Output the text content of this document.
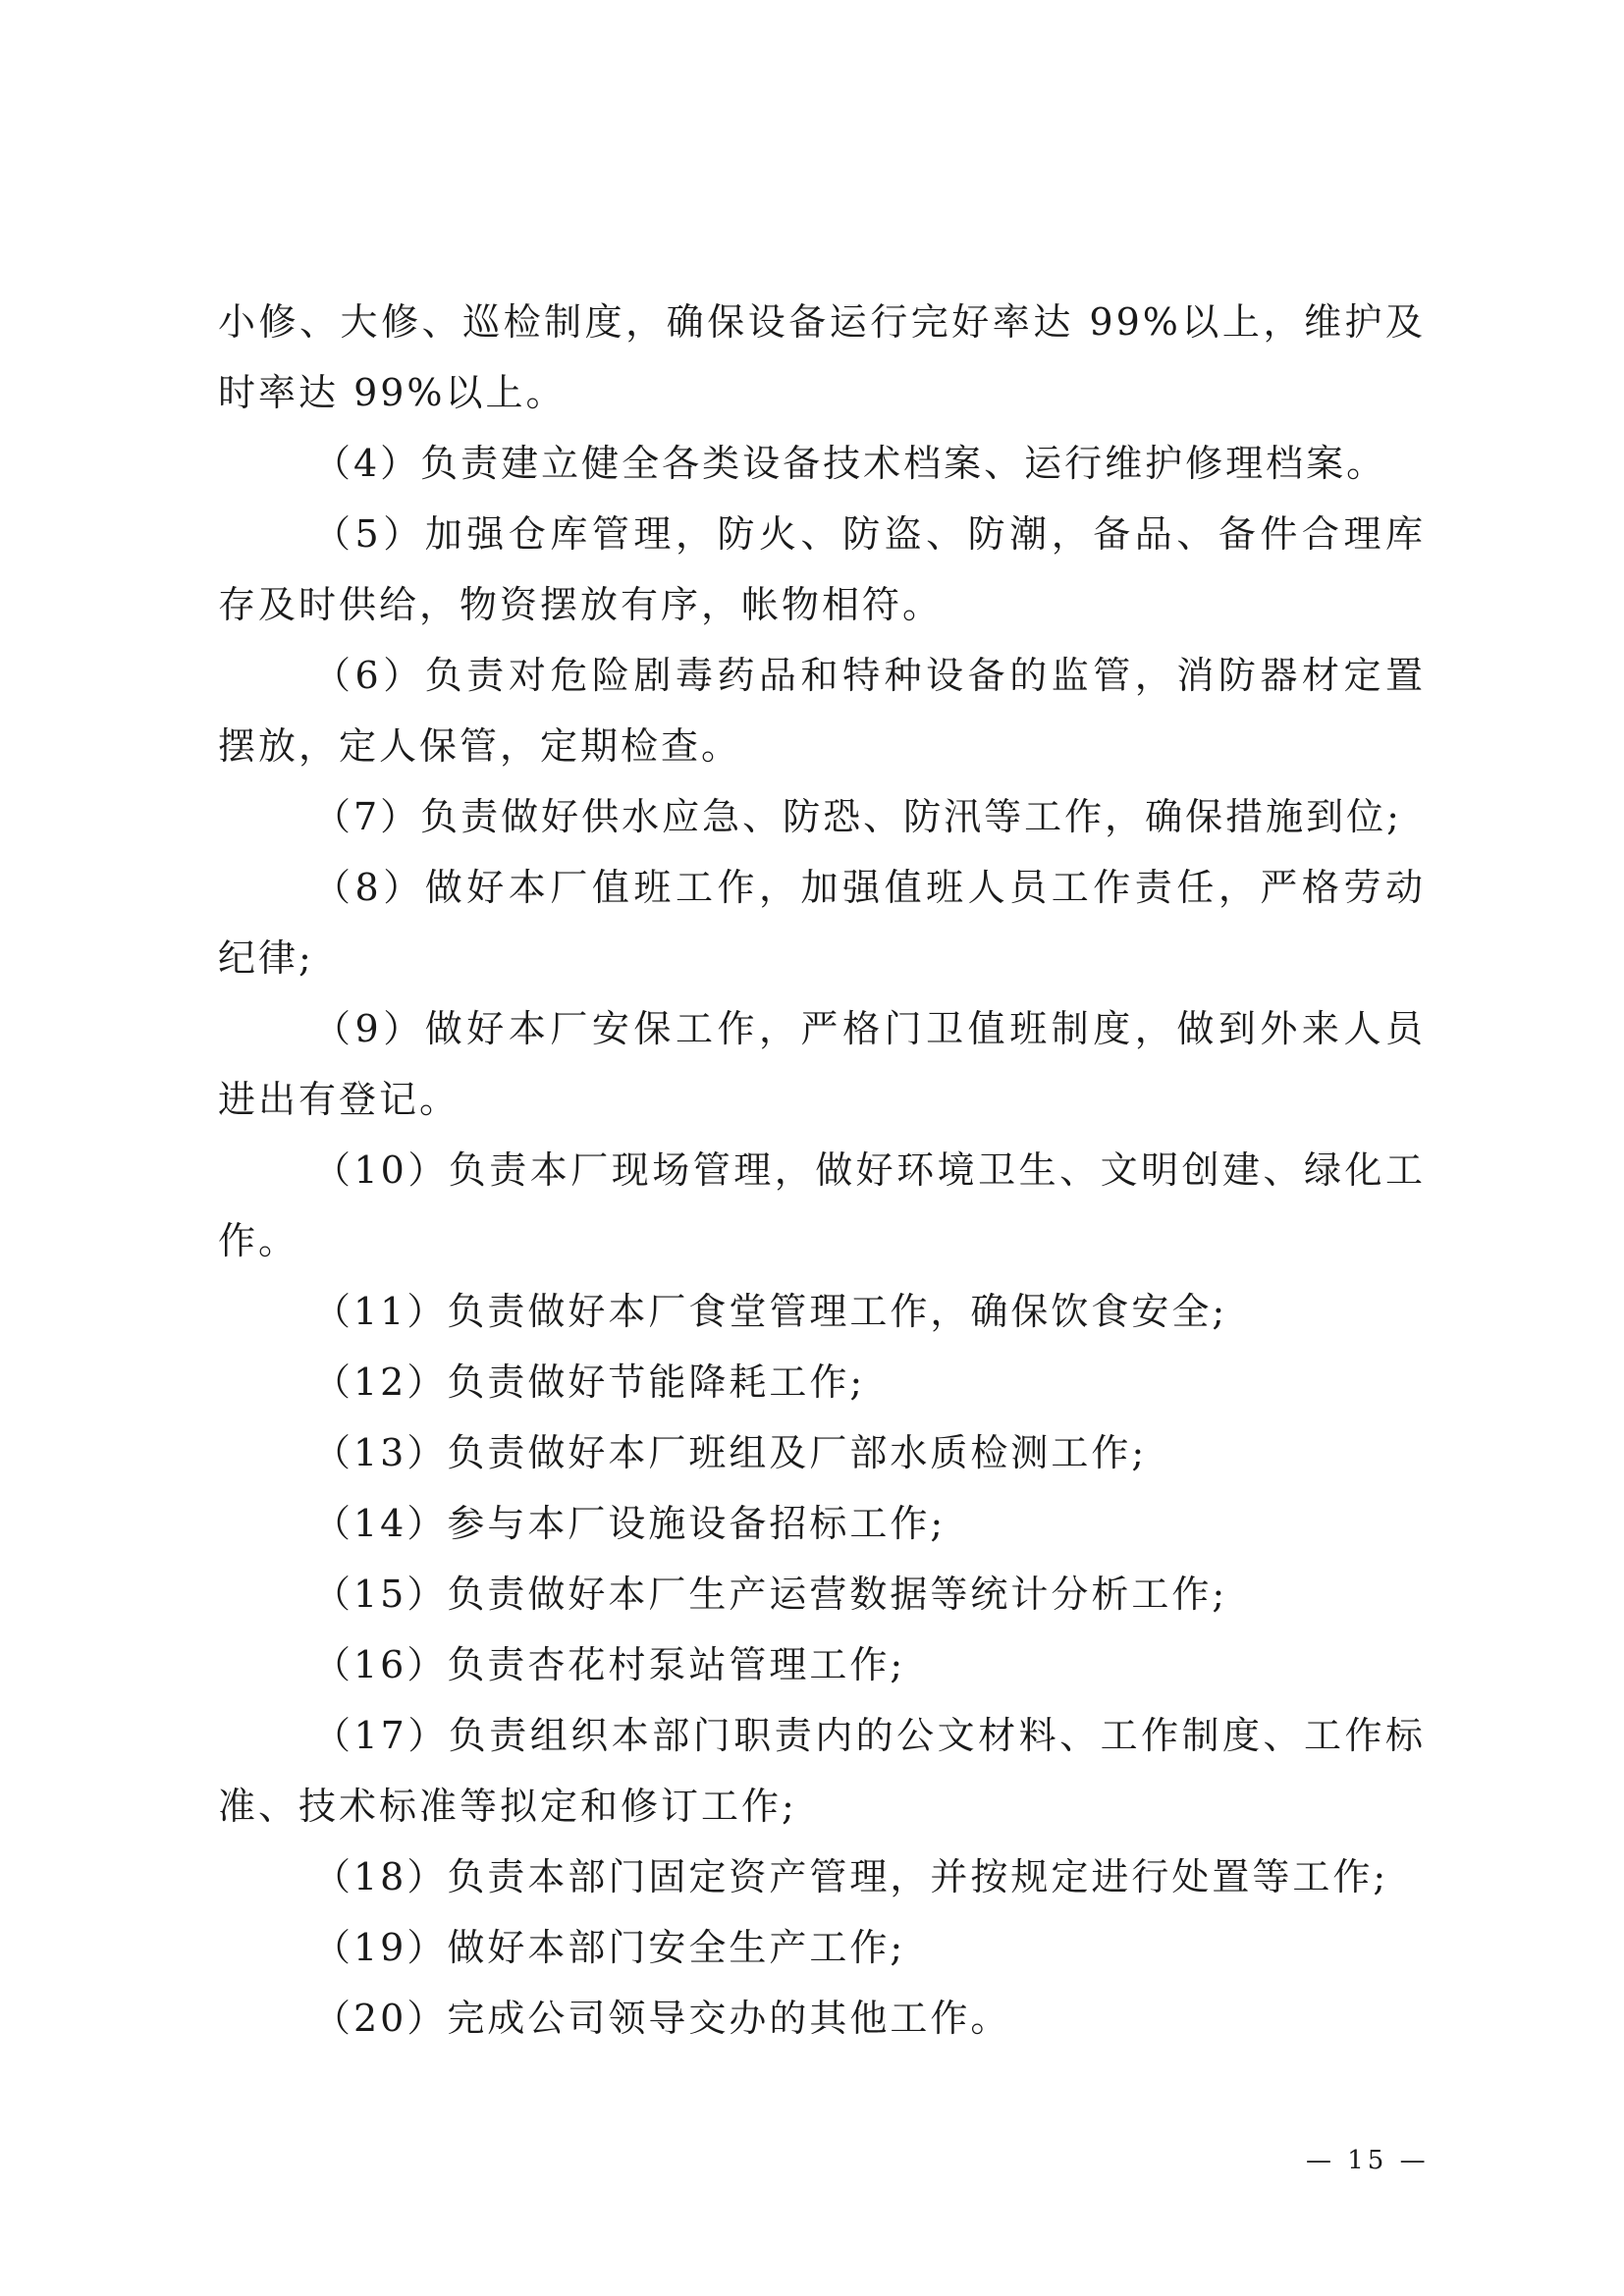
小修、大修、巡检制度，确保设备运行完好率达 99%以上，维护及时率达 99%以上。

（4）负责建立健全各类设备技术档案、运行维护修理档案。

（5）加强仓库管理，防火、防盗、防潮，备品、备件合理库存及时供给，物资摆放有序，帐物相符。

（6）负责对危险剧毒药品和特种设备的监管，消防器材定置摆放，定人保管，定期检查。

（7）负责做好供水应急、防恐、防汛等工作，确保措施到位;

（8）做好本厂值班工作，加强值班人员工作责任，严格劳动纪律;

（9）做好本厂安保工作，严格门卫值班制度，做到外来人员进出有登记。

（10）负责本厂现场管理，做好环境卫生、文明创建、绿化工作。

（11）负责做好本厂食堂管理工作，确保饮食安全;

（12）负责做好节能降耗工作;

（13）负责做好本厂班组及厂部水质检测工作;

（14）参与本厂设施设备招标工作;

（15）负责做好本厂生产运营数据等统计分析工作;

（16）负责杏花村泵站管理工作;

（17）负责组织本部门职责内的公文材料、工作制度、工作标准、技术标准等拟定和修订工作;

（18）负责本部门固定资产管理，并按规定进行处置等工作;

（19）做好本部门安全生产工作;

（20）完成公司领导交办的其他工作。

— 15 —
